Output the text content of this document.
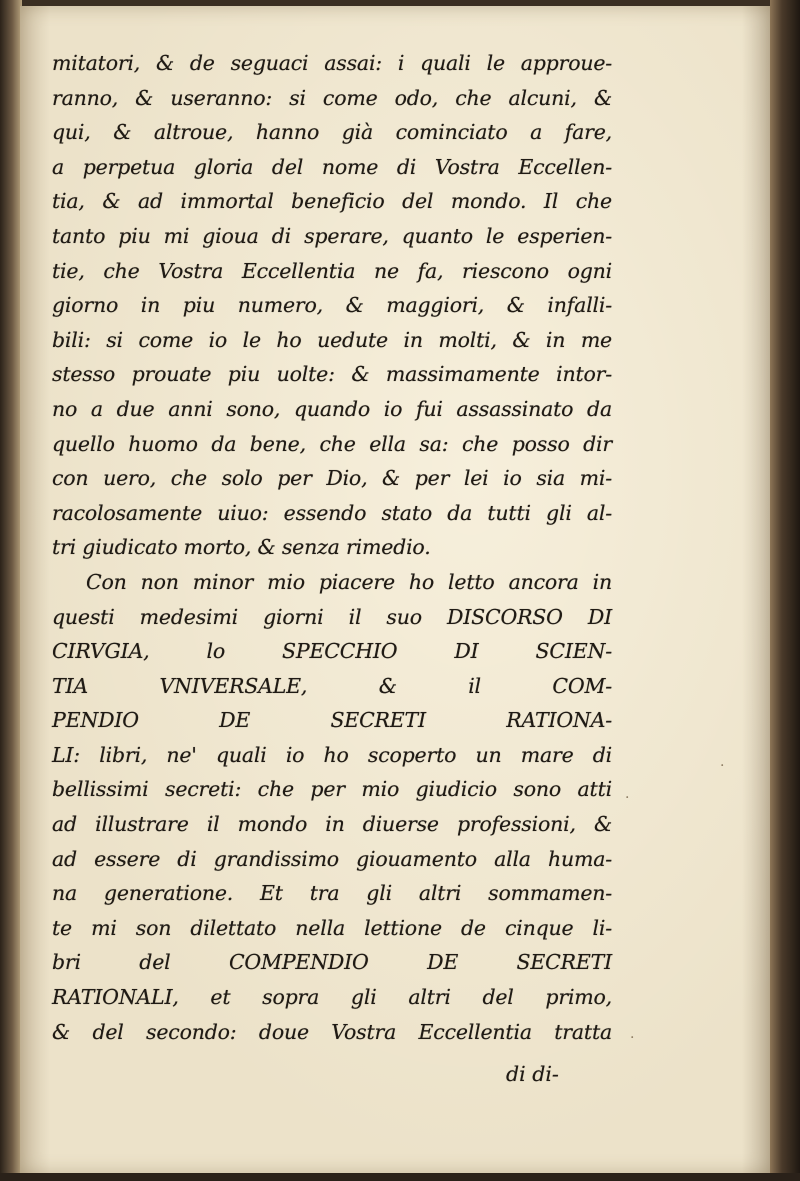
mitatori, & de seguaci assai: i quali le approue-
ranno, & useranno: si come odo, che alcuni, &
qui, & altroue, hanno già cominciato a fare,
a perpetua gloria del nome di Vostra Eccellen-
tia, & ad immortal beneficio del mondo. Il che
tanto piu mi gioua di sperare, quanto le esperien-
tie, che Vostra Eccellentia ne fa, riescono ogni
giorno in piu numero, & maggiori, & infalli-
bili: si come io le ho uedute in molti, & in me
stesso prouate piu uolte: & massimamente intor-
no a due anni sono, quando io fui assassinato da
quello huomo da bene, che ella sa: che posso dir
con uero, che solo per Dio, & per lei io sia mi-
racolosamente uiuo: essendo stato da tutti gli al-
tri giudicato morto, & senza rimedio.
Con non minor mio piacere ho letto ancora in
questi medesimi giorni il suo DISCORSO DI
CIRVGIA, lo SPECCHIO DI SCIEN-
TIA VNIVERSALE, & il COM-
PENDIO DE SECRETI RATIONA-
LI: libri, ne' quali io ho scoperto un mare di
bellissimi secreti: che per mio giudicio sono atti
ad illustrare il mondo in diuerse professioni, &
ad essere di grandissimo giouamento alla huma-
na generatione. Et tra gli altri sommamen-
te mi son dilettato nella lettione de cinque li-
bri del COMPENDIO DE SECRETI
RATIONALI, et sopra gli altri del primo,
& del secondo: doue Vostra Eccellentia tratta
di di-
·
·
·
